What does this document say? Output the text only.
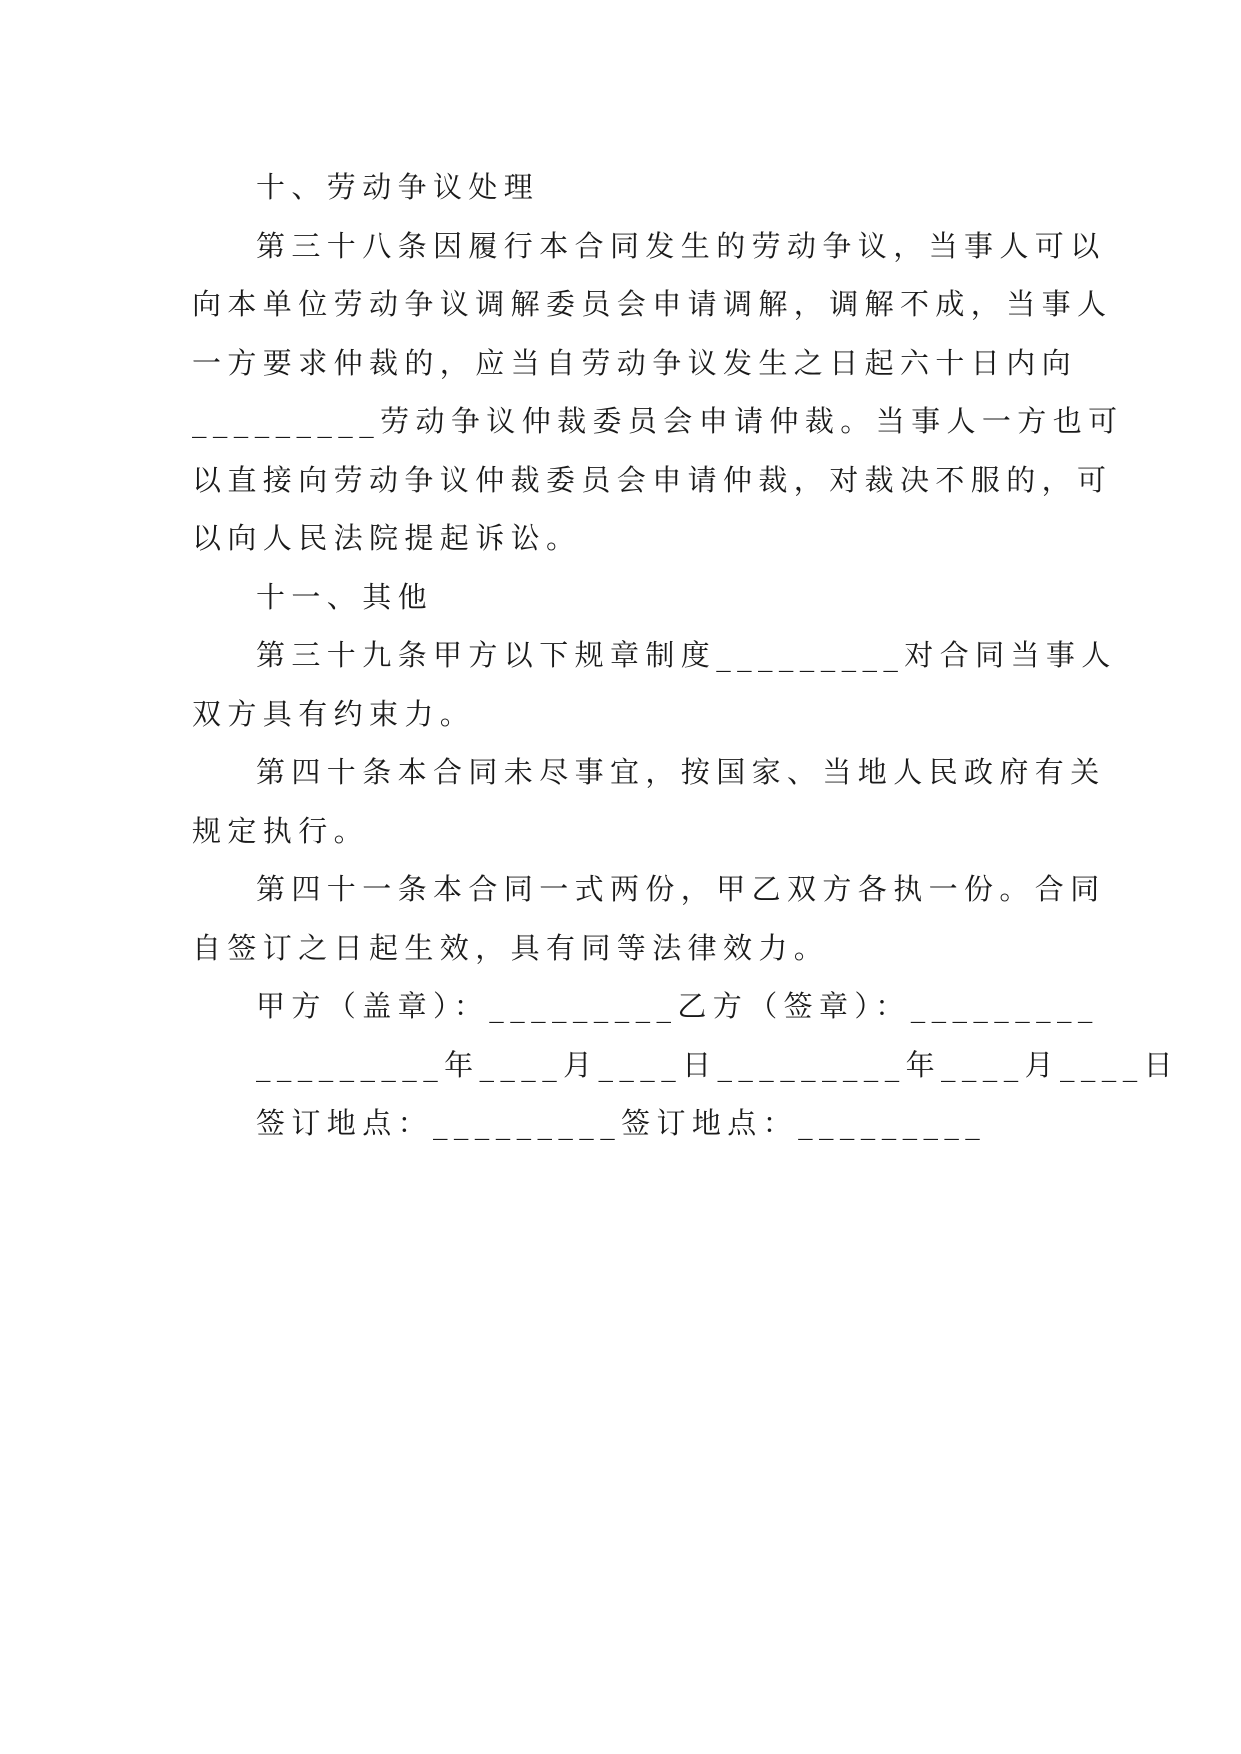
十、劳动争议处理

第三十八条因履行本合同发生的劳动争议，当事人可以

向本单位劳动争议调解委员会申请调解，调解不成，当事人

一方要求仲裁的，应当自劳动争议发生之日起六十日内向

_________劳动争议仲裁委员会申请仲裁。当事人一方也可

以直接向劳动争议仲裁委员会申请仲裁，对裁决不服的，可

以向人民法院提起诉讼。

十一、其他

第三十九条甲方以下规章制度_________对合同当事人

双方具有约束力。

第四十条本合同未尽事宜，按国家、当地人民政府有关

规定执行。

第四十一条本合同一式两份，甲乙双方各执一份。合同

自签订之日起生效，具有同等法律效力。

甲方（盖章）：_________乙方（签章）：_________

_________年____月____日_________年____月____日

签订地点：_________签订地点：_________
